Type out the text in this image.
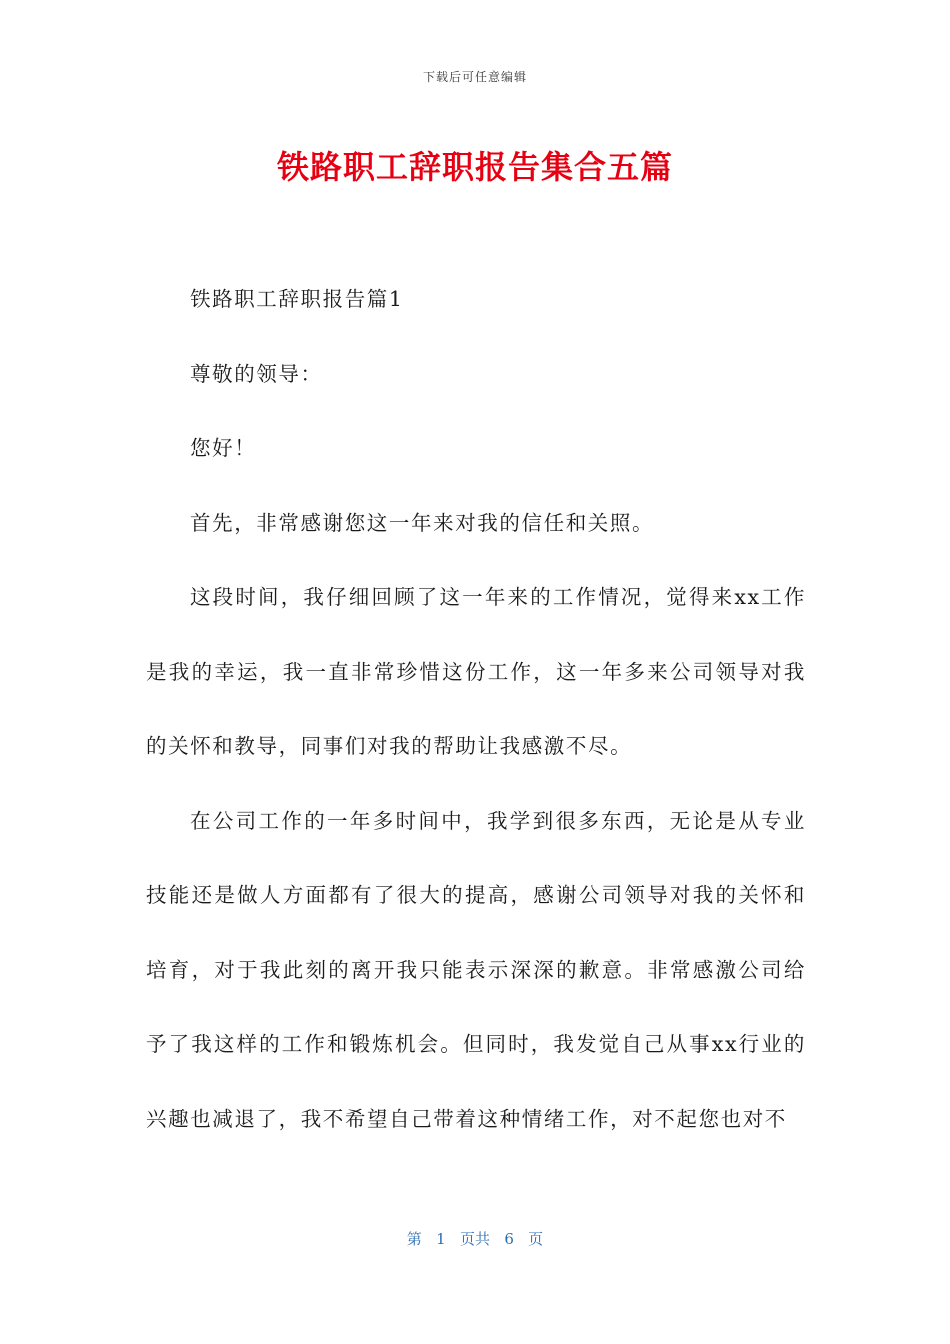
下载后可任意编辑
铁路职工辞职报告集合五篇

铁路职工辞职报告篇1

尊敬的领导：

您好！

首先，非常感谢您这一年来对我的信任和关照。

这段时间，我仔细回顾了这一年来的工作情况，觉得来xx工作是我的幸运，我一直非常珍惜这份工作，这一年多来公司领导对我的关怀和教导，同事们对我的帮助让我感激不尽。

在公司工作的一年多时间中，我学到很多东西，无论是从专业技能还是做人方面都有了很大的提高，感谢公司领导对我的关怀和培育，对于我此刻的离开我只能表示深深的歉意。非常感激公司给予了我这样的工作和锻炼机会。但同时，我发觉自己从事xx行业的兴趣也减退了，我不希望自己带着这种情绪工作，对不起您也对不

第 1 页共 6 页
